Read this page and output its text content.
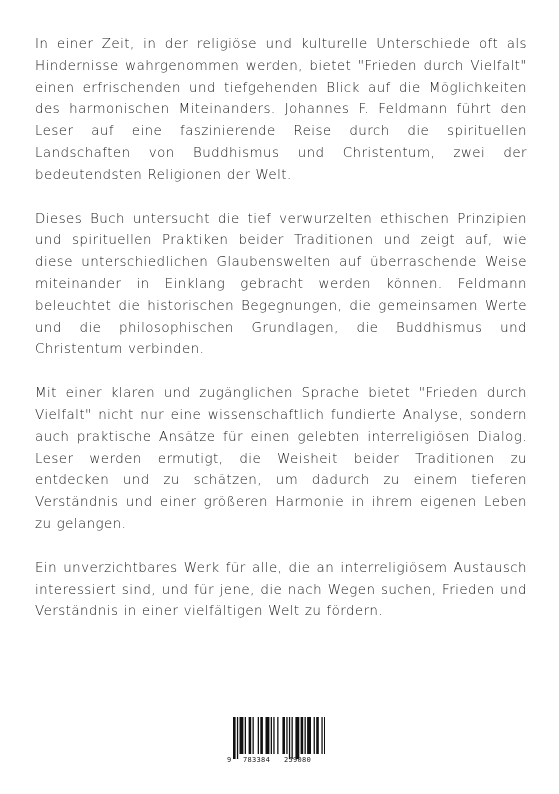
In einer Zeit, in der religiöse und kulturelle Unterschiede oft als Hindernisse wahrgenommen werden, bietet "Frieden durch Vielfalt" einen erfrischenden und tiefgehenden Blick auf die Möglichkeiten des harmonischen Miteinanders. Johannes F. Feldmann führt den Leser auf eine faszinierende Reise durch die spirituellen Landschaften von Buddhismus und Christentum, zwei der bedeutendsten Religionen der Welt.

Dieses Buch untersucht die tief verwurzelten ethischen Prinzipien und spirituellen Praktiken beider Traditionen und zeigt auf, wie diese unterschiedlichen Glaubenswelten auf überraschende Weise miteinander in Einklang gebracht werden können. Feldmann beleuchtet die historischen Begegnungen, die gemeinsamen Werte und die philosophischen Grundlagen, die Buddhismus und Christentum verbinden.

Mit einer klaren und zugänglichen Sprache bietet "Frieden durch Vielfalt" nicht nur eine wissenschaftlich fundierte Analyse, sondern auch praktische Ansätze für einen gelebten interreligiösen Dialog. Leser werden ermutigt, die Weisheit beider Traditionen zu entdecken und zu schätzen, um dadurch zu einem tieferen Verständnis und einer größeren Harmonie in ihrem eigenen Leben zu gelangen.

Ein unverzichtbares Werk für alle, die an interreligiösem Austausch interessiert sind, und für jene, die nach Wegen suchen, Frieden und Verständnis in einer vielfältigen Welt zu fördern.

9 783384 259080
